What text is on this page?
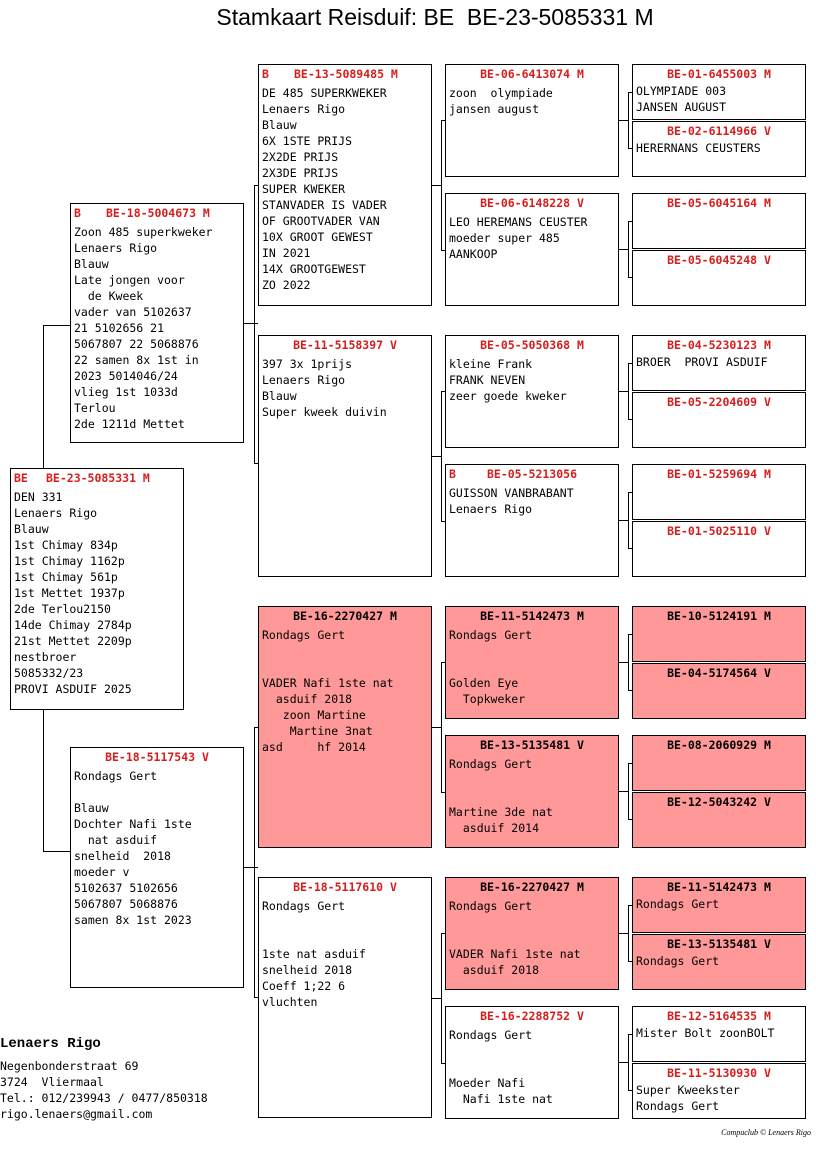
Stamkaart Reisduif: BE  BE-23-5085331 M
BE BE-23-5085331 M
DEN 331
Lenaers Rigo
Blauw
1st Chimay 834p
1st Chimay 1162p
1st Chimay 561p
1st Mettet 1937p
2de Terlou2150
14de Chimay 2784p
21st Mettet 2209p
nestbroer
5085332/23
PROVI ASDUIF 2025
B BE-18-5004673 M
Zoon 485 superkweker
Lenaers Rigo
Blauw
Late jongen voor
de Kweek
vader van 5102637
21 5102656 21
5067807 22 5068876
22 samen 8x 1st in
2023 5014046/24
vlieg 1st 1033d
Terlou
2de 1211d Mettet
BE-18-5117543 V
Rondags Gert

Blauw
Dochter Nafi 1ste
nat asduif
snelheid  2018
moeder v
5102637 5102656
5067807 5068876
samen 8x 1st 2023
B BE-13-5089485 M
DE 485 SUPERKWEKER
Lenaers Rigo
Blauw
6X 1STE PRIJS
2X2DE PRIJS
2X3DE PRIJS
SUPER KWEKER
STANVADER IS VADER
OF GROOTVADER VAN
10X GROOT GEWEST
IN 2021
14X GROOTGEWEST
ZO 2022
BE-11-5158397 V
397 3x 1prijs
Lenaers Rigo
Blauw
Super kweek duivin
BE-16-2270427 M
Rondags Gert

VADER Nafi 1ste nat
asduif 2018
zoon Martine
Martine 3nat
asd     hf 2014
BE-18-5117610 V
Rondags Gert

1ste nat asduif
snelheid 2018
Coeff 1;22 6
vluchten
BE-06-6413074 M
zoon  olympiade
jansen august
BE-06-6148228 V
LEO HEREMANS CEUSTER
moeder super 485
AANKOOP
BE-05-5050368 M
kleine Frank
FRANK NEVEN
zeer goede kweker
B	BE-05-5213056
GUISSON VANBRABANT
Lenaers Rigo
BE-11-5142473 M
Rondags Gert

Golden Eye
Topkweker
BE-13-5135481 V
Rondags Gert

Martine 3de nat
asduif 2014
BE-16-2270427 M
Rondags Gert

VADER Nafi 1ste nat
asduif 2018
BE-16-2288752 V
Rondags Gert

Moeder Nafi
Nafi 1ste nat
BE-01-6455003 M
OLYMPIADE 003
JANSEN AUGUST
BE-02-6114966 V
HERERNANS CEUSTERS
BE-05-6045164 M
BE-05-6045248 V
BE-04-5230123 M
BROER  PROVI ASDUIF
BE-05-2204609 V
BE-01-5259694 M
BE-01-5025110 V
BE-10-5124191 M
BE-04-5174564 V
BE-08-2060929 M
BE-12-5043242 V
BE-11-5142473 M
Rondags Gert
BE-13-5135481 V
Rondags Gert
BE-12-5164535 M
Mister Bolt zoonBOLT
BE-11-5130930 V
Super Kweekster
Rondags Gert
Lenaers Rigo
Negenbonderstraat 69
3724  Vliermaal
Tel.: 012/239943 / 0477/850318
rigo.lenaers@gmail.com
Compuclub © Lenaers Rigo
